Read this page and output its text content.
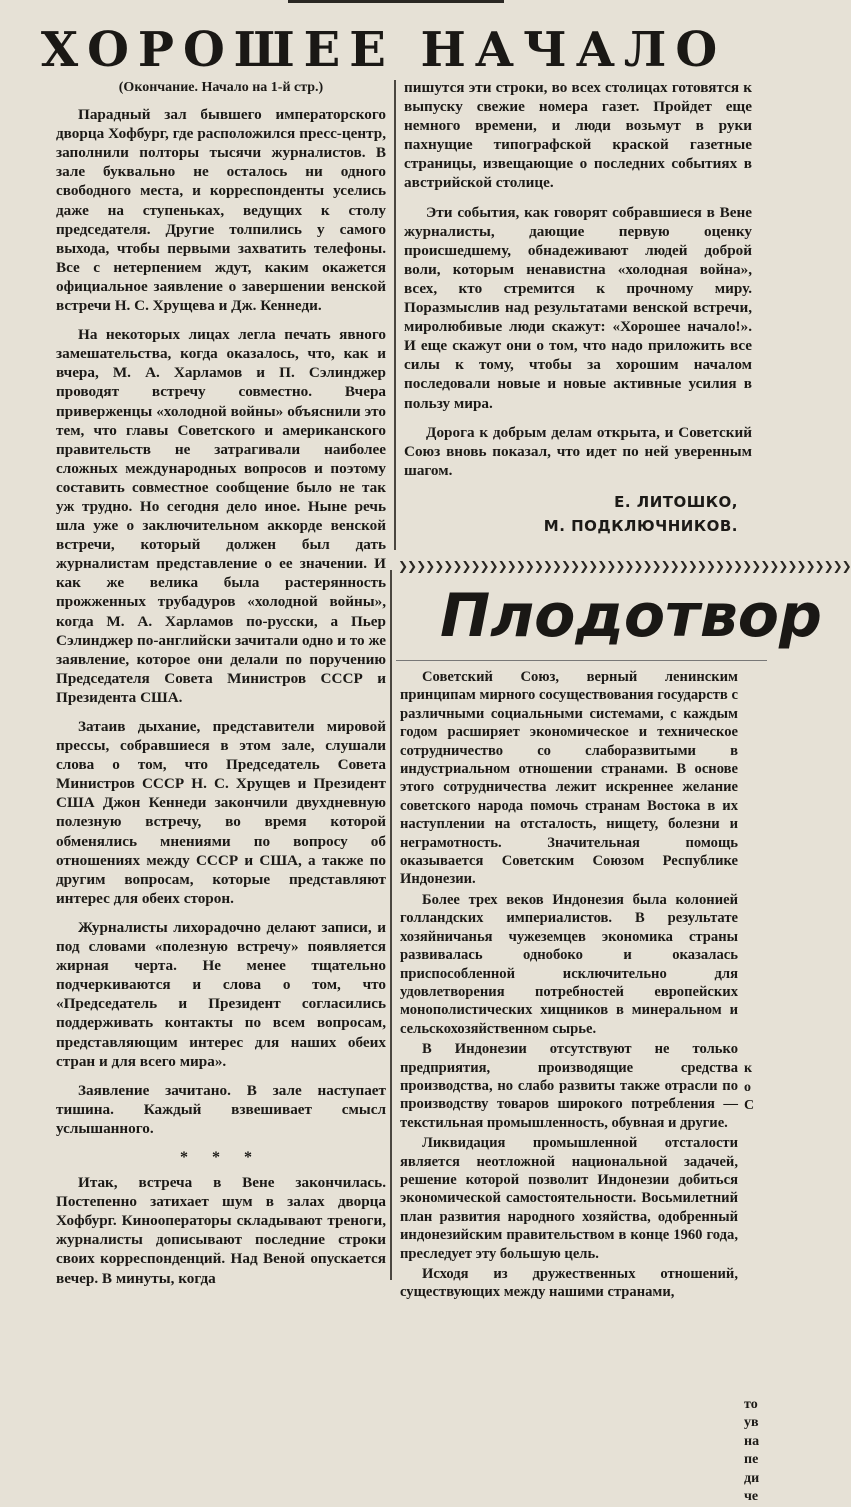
ХОРОШЕЕ НАЧАЛО
(Окончание. Начало на 1-й стр.)

Парадный зал бывшего императорского дворца Хофбург, где расположился пресс-центр, заполнили полторы тысячи журналистов. В зале буквально не осталось ни одного свободного места, и корреспонденты уселись даже на ступеньках, ведущих к столу председателя. Другие толпились у самого выхода, чтобы первыми захватить телефоны. Все с нетерпением ждут, каким окажется официальное заявление о завершении венской встречи Н. С. Хрущева и Дж. Кеннеди.

На некоторых лицах легла печать явного замешательства, когда оказалось, что, как и вчера, М. А. Харламов и П. Сэлинджер проводят встречу совместно. Вчера приверженцы «холодной войны» объяснили это тем, что главы Советского и американского правительств не затрагивали наиболее сложных международных вопросов и поэтому составить совместное сообщение было не так уж трудно. Но сегодня дело иное. Ныне речь шла уже о заключительном аккорде венской встречи, который должен был дать журналистам представление о ее значении. И как же велика была растерянность прожженных трубадуров «холодной войны», когда М. А. Харламов по-русски, а Пьер Сэлинджер по-английски зачитали одно и то же заявление, которое они делали по поручению Председателя Совета Министров СССР и Президента США.

Затаив дыхание, представители мировой прессы, собравшиеся в этом зале, слушали слова о том, что Председатель Совета Министров СССР Н. С. Хрущев и Президент США Джон Кеннеди закончили двухдневную полезную встречу, во время которой обменялись мнениями по вопросу об отношениях между СССР и США, а также по другим вопросам, которые представляют интерес для обеих сторон.

Журналисты лихорадочно делают записи, и под словами «полезную встречу» появляется жирная черта. Не менее тщательно подчеркиваются и слова о том, что «Председатель и Президент согласились поддерживать контакты по всем вопросам, представляющим интерес для наших обеих стран и для всего мира».

Заявление зачитано. В зале наступает тишина. Каждый взвешивает смысл услышанного.

* * *

Итак, встреча в Вене закончилась. Постепенно затихает шум в залах дворца Хофбург. Кинооператоры складывают треноги, журналисты дописывают последние строки своих корреспонденций. Над Веной опускается вечер. В минуты, когда

пишутся эти строки, во всех столицах готовятся к выпуску свежие номера газет. Пройдет еще немного времени, и люди возьмут в руки пахнущие типографской краской газетные страницы, извещающие о последних событиях в австрийской столице.

Эти события, как говорят собравшиеся в Вене журналисты, дающие первую оценку происшедшему, обнадеживают людей доброй воли, которым ненавистна «холодная война», всех, кто стремится к прочному миру. Поразмыслив над результатами венской встречи, миролюбивые люди скажут: «Хорошее начало!». И еще скажут они о том, что надо приложить все силы к тому, чтобы за хорошим началом последовали новые и новые активные усилия в пользу мира.

Дорога к добрым делам открыта, и Советский Союз вновь показал, что идет по ней уверенным шагом.

Е. ЛИТОШКО,
М. ПОДКЛЮЧНИКОВ.
❯❯❯❯❯❯❯❯❯❯❯❯❯❯❯❯❯❯❯❯❯❯❯❯❯❯❯❯❯❯❯❯❯❯❯❯❯❯❯❯❯❯❯❯❯❯❯❯❯❯
Плодотвор

Советский Союз, верный ленинским принципам мирного сосуществования государств с различными социальными системами, с каждым годом расширяет экономическое и техническое сотрудничество со слаборазвитыми в индустриальном отношении странами. В основе этого сотрудничества лежит искреннее желание советского народа помочь странам Востока в их наступлении на отсталость, нищету, болезни и неграмотность. Значительная помощь оказывается Советским Союзом Республике Индонезии.

Более трех веков Индонезия была колонией голландских империалистов. В результате хозяйничанья чужеземцев экономика страны развивалась однобоко и оказалась приспособленной исключительно для удовлетворения потребностей европейских монополистических хищников в минеральном и сельскохозяйственном сырье.

В Индонезии отсутствуют не только предприятия, производящие средства производства, но слабо развиты также отрасли по производству товаров широкого потребления — текстильная промышленность, обувная и другие.

Ликвидация промышленной отсталости является неотложной национальной задачей, решение которой позволит Индонезии добиться экономической самостоятельности. Восьмилетний план развития народного хозяйства, одобренный индонезийским правительством в конце 1960 года, преследует эту большую цель.

Исходя из дружественных отношений, существующих между нашими странами,

к
о
С
то
ув
на
пе
ди
че
